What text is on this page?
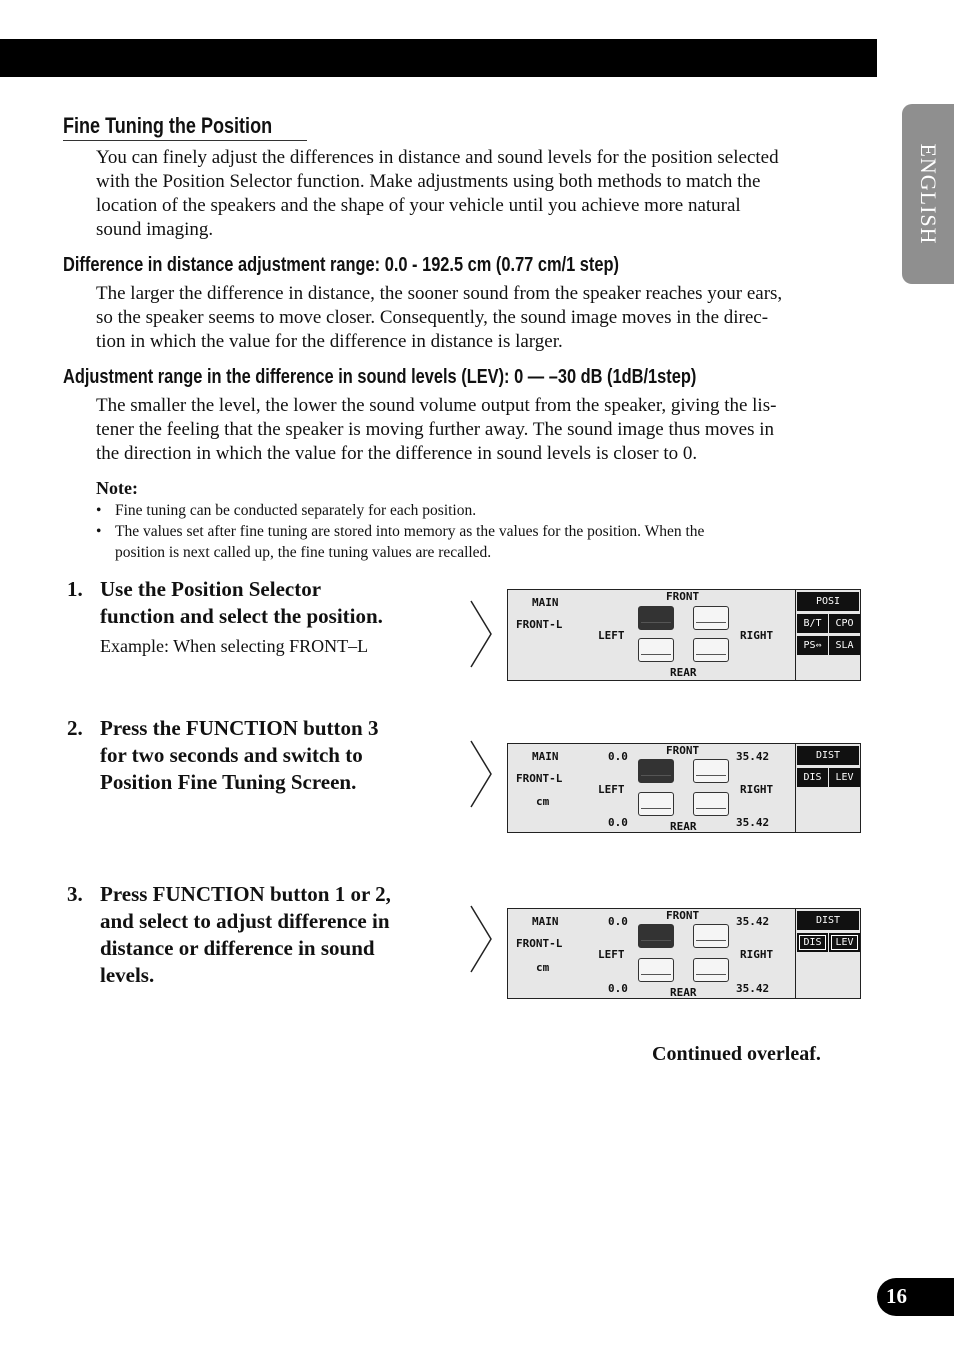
ENGLISH
Fine Tuning the Position

You can finely adjust the differences in distance and sound levels for the position selected
with the Position Selector function. Make adjustments using both methods to match the
location of the speakers and the shape of your vehicle until you achieve more natural
sound imaging.

Difference in distance adjustment range: 0.0 - 192.5 cm (0.77 cm/1 step)

The larger the difference in distance, the sooner sound from the speaker reaches your ears,
so the speaker seems to move closer. Consequently, the sound image moves in the direc-
tion in which the value for the difference in distance is larger.

Adjustment range in the difference in sound levels (LEV): 0 — –30 dB (1dB/1step)

The smaller the level, the lower the sound volume output from the speaker, giving the lis-
tener the feeling that the speaker is moving further away. The sound image thus moves in
the direction in which the value for the difference in sound levels is closer to 0.

Note:
• Fine tuning can be conducted separately for each position.
• The values set after fine tuning are stored into memory as the values for the position. When the
position is next called up, the fine tuning values are recalled.
1. Use the Position Selector
function and select the position.
Example: When selecting FRONT–L
MAIN
FRONT-L
FRONT
REAR
LEFT	RIGHT
POSI
B/T	CPO
PS⇔	SLA
2. Press the FUNCTION button 3
for two seconds and switch to
Position Fine Tuning Screen.
MAIN
FRONT-L
cm
0.0
0.0
35.42
35.42
FRONT
REAR
LEFT	RIGHT
DIST
DIS	LEV
3. Press FUNCTION button 1 or 2,
and select to adjust difference in
distance or difference in sound
levels.
MAIN
FRONT-L
cm
0.0
0.0
35.42
35.42
FRONT
REAR
LEFT	RIGHT
DIST
DIS	LEV
Continued overleaf.
16
